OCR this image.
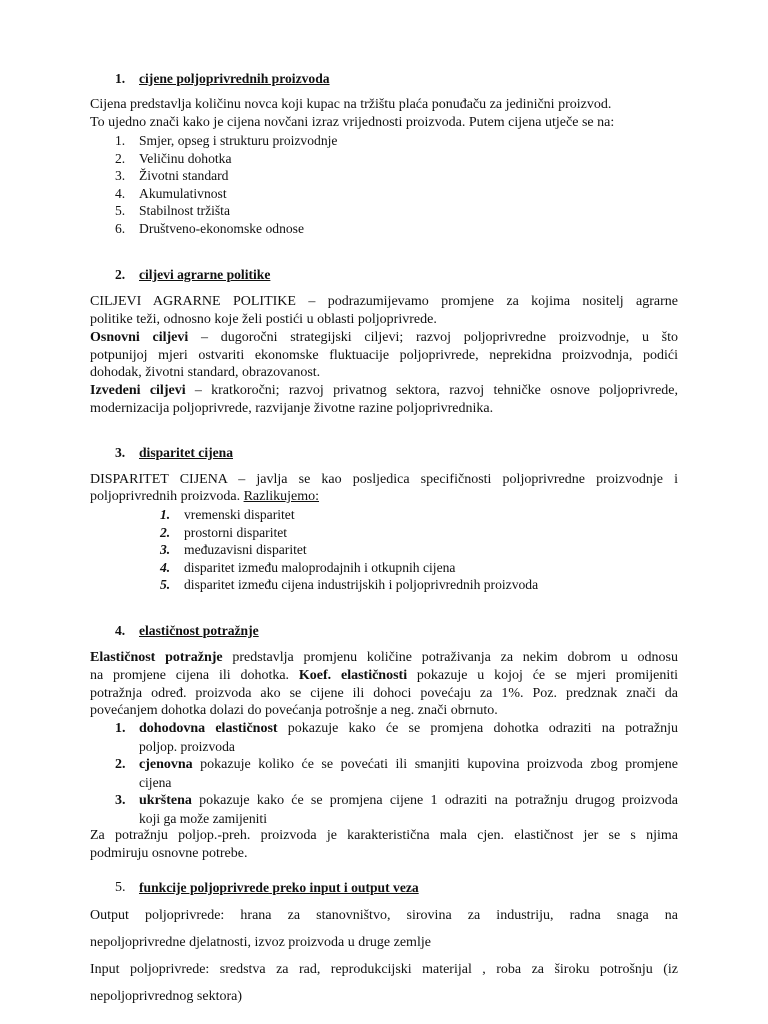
1. cijene poljoprivrednih proizvoda
Cijena predstavlja količinu novca koji kupac na tržištu plaća ponuđaču za jedinični proizvod.
To ujedno znači kako je cijena novčani izraz vrijednosti proizvoda. Putem cijena utječe se na:
1. Smjer, opseg i strukturu proizvodnje
2. Veličinu dohotka
3. Životni standard
4. Akumulativnost
5. Stabilnost tržišta
6. Društveno-ekonomske odnose
2. ciljevi agrarne politike
CILJEVI AGRARNE POLITIKE – podrazumijevamo promjene za kojima nositelj agrarne
politike teži, odnosno koje želi postići u oblasti poljoprivrede.
Osnovni ciljevi – dugoročni strategijski ciljevi; razvoj poljoprivredne proizvodnje, u što
potpunijoj mjeri ostvariti ekonomske fluktuacije poljoprivrede, neprekidna proizvodnja, podići
dohodak, životni standard, obrazovanost.
Izvedeni ciljevi – kratkoročni; razvoj privatnog sektora, razvoj tehničke osnove poljoprivrede,
modernizacija poljoprivrede, razvijanje životne razine poljoprivrednika.
3. disparitet cijena
DISPARITET CIJENA – javlja se kao posljedica specifičnosti poljoprivredne proizvodnje i
poljoprivrednih proizvoda. Razlikujemo:
1. vremenski disparitet
2. prostorni disparitet
3. međuzavisni disparitet
4. disparitet između maloprodajnih i otkupnih cijena
5. disparitet između cijena industrijskih i poljoprivrednih proizvoda
4. elastičnost potražnje
Elastičnost potražnje predstavlja promjenu količine potraživanja za nekim dobrom u odnosu
na promjene cijena ili dohotka. Koef. elastičnosti pokazuje u kojoj će se mjeri promijeniti
potražnja određ. proizvoda ako se cijene ili dohoci povećaju za 1%. Poz. predznak znači da
povećanjem dohotka dolazi do povećanja potrošnje a neg. znači obrnuto.
1. dohodovna elastičnost pokazuje kako će se promjena dohotka odraziti na potražnju
poljop. proizvoda
2. cjenovna pokazuje koliko će se povećati ili smanjiti kupovina proizvoda zbog promjene
cijena
3. ukrštena pokazuje kako će se promjena cijene 1 odraziti na potražnju drugog proizvoda
koji ga može zamijeniti
Za potražnju poljop.-preh. proizvoda je karakteristična mala cjen. elastičnost jer se s njima
podmiruju osnovne potrebe.
5. funkcije poljoprivrede preko input i output veza
Output poljoprivrede: hrana za stanovništvo, sirovina za industriju, radna snaga na
nepoljoprivredne djelatnosti, izvoz proizvoda u druge zemlje
Input poljoprivrede: sredstva za rad, reprodukcijski materijal , roba za široku potrošnju (iz
nepoljoprivrednog sektora)
